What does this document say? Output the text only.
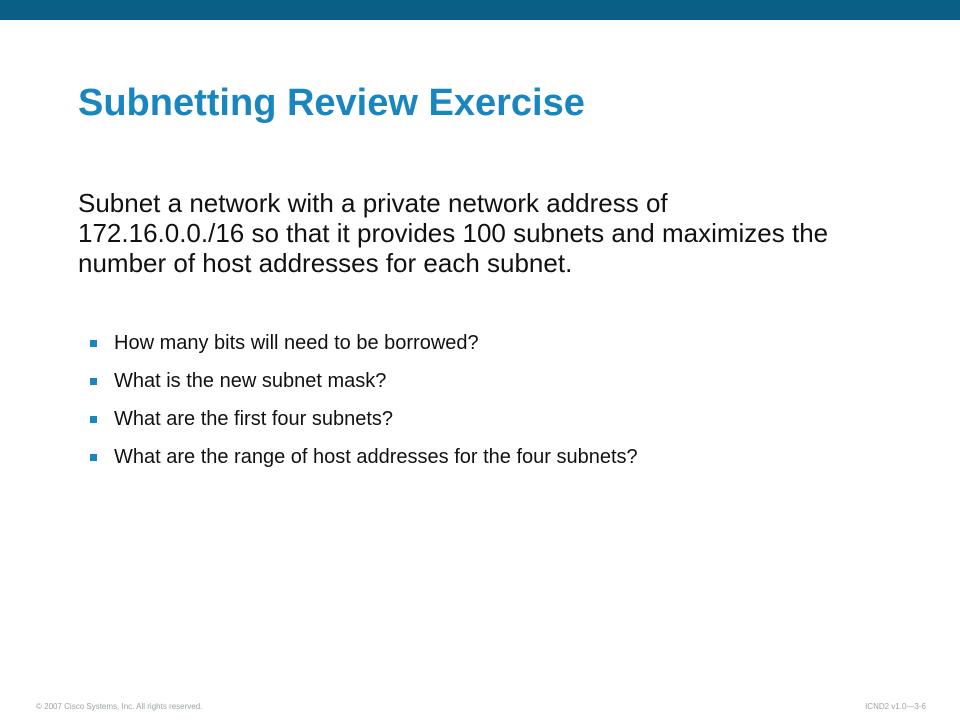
Subnetting Review Exercise

Subnet a network with a private network address of 172.16.0.0./16 so that it provides 100 subnets and maximizes the number of host addresses for each subnet.

How many bits will need to be borrowed?
What is the new subnet mask?
What are the first four subnets?
What are the range of host addresses for the four subnets?
© 2007 Cisco Systems, Inc. All rights reserved.	ICND2 v1.0—3-6
